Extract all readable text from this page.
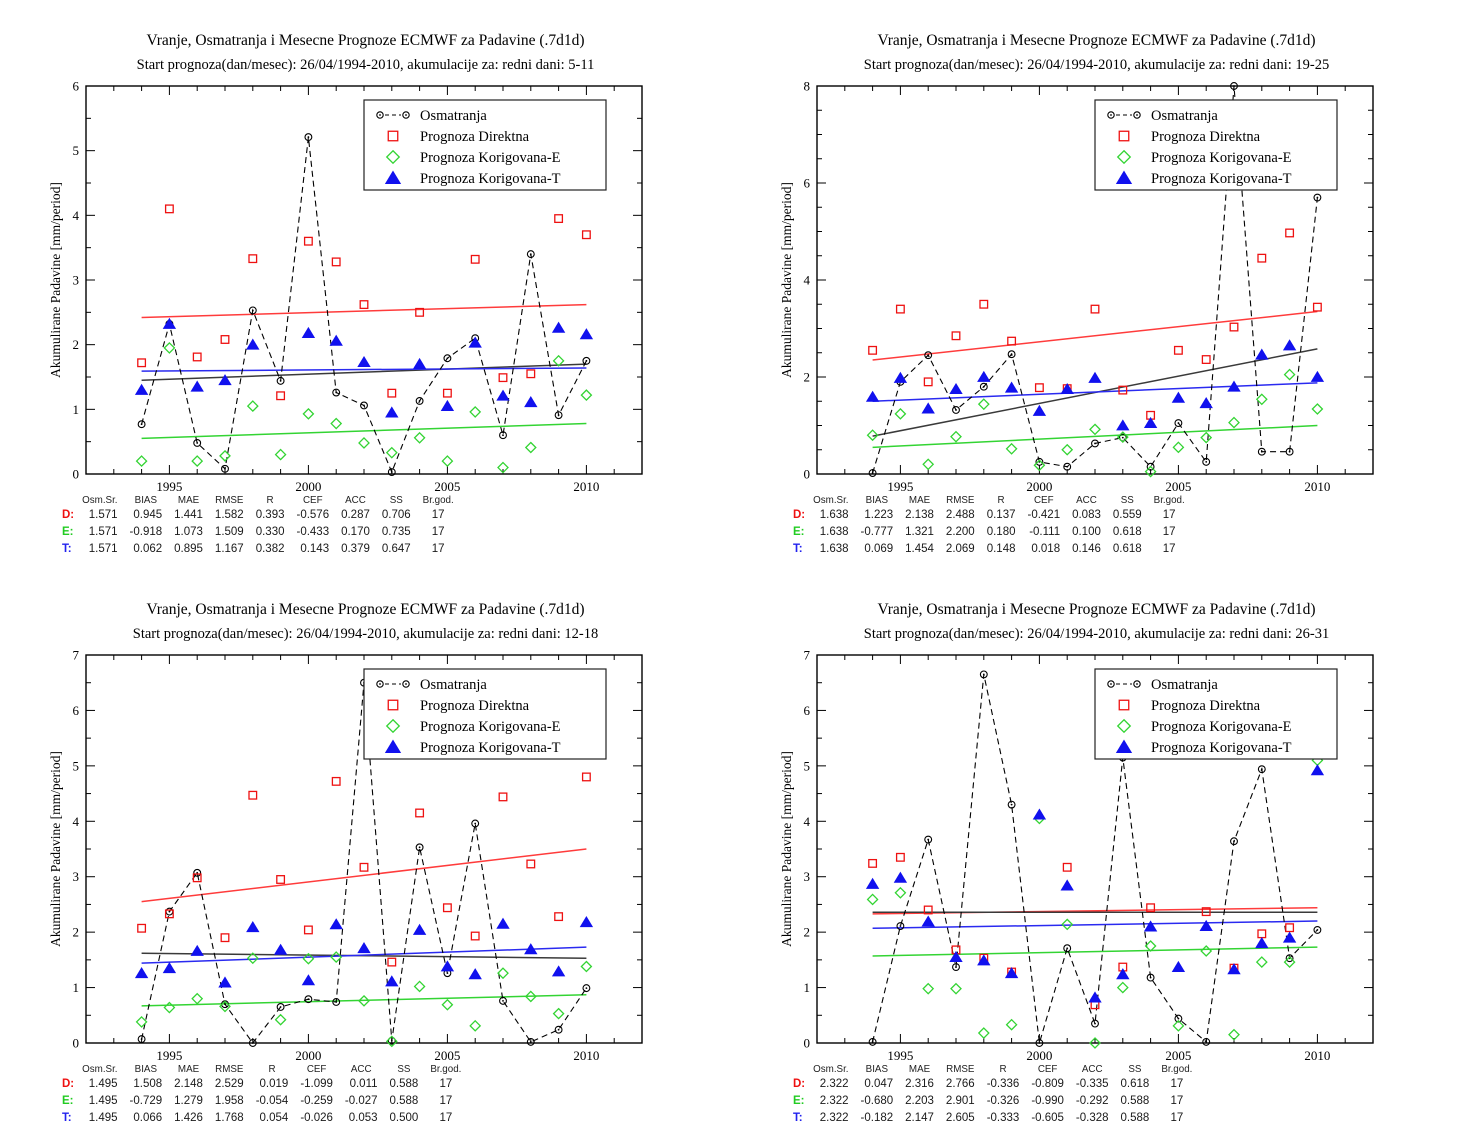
Vranje, Osmatranja i Mesecne Prognoze ECMWF za Padavine (.7d1d)
Start prognoza(dan/mesec): 26/04/1994-2010, akumulacije za: redni dani: 5-11
1995	2000	2005	2010
0
1
2
3
4
5
6
Akumulirane Padavine [mm/period]
Osmatranja
Prognoza Direktna
Prognoza Korigovana-E
Prognoza Korigovana-T
	Osm.Sr.	BIAS	MAE	RMSE	R	CEF	ACC	SS	Br.god.
D:	1.571	0.945	1.441	1.582	0.393	-0.576	0.287	0.706	17
E:	1.571	-0.918	1.073	1.509	0.330	-0.433	0.170	0.735	17
T:	1.571	0.062	0.895	1.167	0.382	0.143	0.379	0.647	17
Vranje, Osmatranja i Mesecne Prognoze ECMWF za Padavine (.7d1d)
Start prognoza(dan/mesec): 26/04/1994-2010, akumulacije za: redni dani: 19-25
1995	2000	2005	2010
0
2
4
6
8
Akumulirane Padavine [mm/period]
Osmatranja
Prognoza Direktna
Prognoza Korigovana-E
Prognoza Korigovana-T
	Osm.Sr.	BIAS	MAE	RMSE	R	CEF	ACC	SS	Br.god.
D:	1.638	1.223	2.138	2.488	0.137	-0.421	0.083	0.559	17
E:	1.638	-0.777	1.321	2.200	0.180	-0.111	0.100	0.618	17
T:	1.638	0.069	1.454	2.069	0.148	0.018	0.146	0.618	17
Vranje, Osmatranja i Mesecne Prognoze ECMWF za Padavine (.7d1d)
Start prognoza(dan/mesec): 26/04/1994-2010, akumulacije za: redni dani: 12-18
1995	2000	2005	2010
0
1
2
3
4
5
6
7
Akumulirane Padavine [mm/period]
Osmatranja
Prognoza Direktna
Prognoza Korigovana-E
Prognoza Korigovana-T
	Osm.Sr.	BIAS	MAE	RMSE	R	CEF	ACC	SS	Br.god.
D:	1.495	1.508	2.148	2.529	0.019	-1.099	0.011	0.588	17
E:	1.495	-0.729	1.279	1.958	-0.054	-0.259	-0.027	0.588	17
T:	1.495	0.066	1.426	1.768	0.054	-0.026	0.053	0.500	17
Vranje, Osmatranja i Mesecne Prognoze ECMWF za Padavine (.7d1d)
Start prognoza(dan/mesec): 26/04/1994-2010, akumulacije za: redni dani: 26-31
1995	2000	2005	2010
0
1
2
3
4
5
6
7
Akumulirane Padavine [mm/period]
Osmatranja
Prognoza Direktna
Prognoza Korigovana-E
Prognoza Korigovana-T
	Osm.Sr.	BIAS	MAE	RMSE	R	CEF	ACC	SS	Br.god.
D:	2.322	0.047	2.316	2.766	-0.336	-0.809	-0.335	0.618	17
E:	2.322	-0.680	2.203	2.901	-0.326	-0.990	-0.292	0.588	17
T:	2.322	-0.182	2.147	2.605	-0.333	-0.605	-0.328	0.588	17
